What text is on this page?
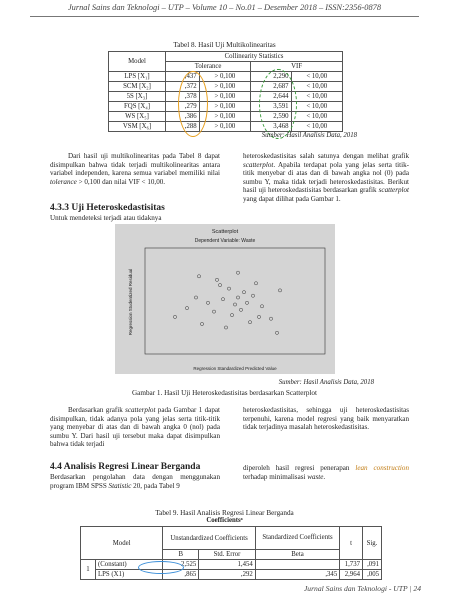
Jurnal Sains dan Teknologi – UTP – Volume 10 – No.01 – Desember 2018 – ISSN:2356-0878
Tabel 8. Hasil Uji Multikolinearitas
Model	Collinearity Statistics			
	Tolerance		VIF	
LPS [X₁]	,437	> 0,100	2,290	< 10,00
SCM [X₂]	,372	> 0,100	2,687	< 10,00
5S [X₃]	,378	> 0,100	2,644	< 10,00
FQS [X₄]	,279	> 0,100	3,591	< 10,00
WS [X₅]	,386	> 0,100	2,590	< 10,00
VSM [X₆]	,288	> 0,100	3,468	< 10,00
Sumber: Hasil Analisis Data, 2018
Dari hasil uji multikolinearitas pada Tabel 8 dapat disimpulkan bahwa tidak terjadi multikolinearitas antara variabel independen, karena semua variabel memiliki nilai tolerance > 0,100 dan nilai VIF < 10,00.
4.3.3 Uji Heteroskedastisitas
Untuk mendeteksi terjadi atau tidaknya
heteroskedastisitas salah satunya dengan melihat grafik scatterplot. Apabila terdapat pola yang jelas serta titik-titik menyebar di atas dan di bawah angka nol (0) pada sumbu Y, maka tidak terjadi heteroskedastisitas. Berikut hasil uji heteroskedastisitas berdasarkan grafik scatterplot yang dapat dilihat pada Gambar 1.
Scatterplot
Dependent Variable: Waste
Regression Studentized Residual
Regression Standardized Predicted Value
Sumber: Hasil Analisis Data, 2018
Gambar 1. Hasil Uji Heteroskedastisitas berdasarkan Scatterplot
Berdasarkan grafik scatterplot pada Gambar 1 dapat disimpulkan, tidak adanya pola yang jelas serta titik-titik yang menyebar di atas dan di bawah angka 0 (nol) pada sumbu Y. Dari hasil uji tersebut maka dapat disimpulkan bahwa tidak terjadi
heteroskedastisitas, sehingga uji heteroskedastisitas terpenuhi, karena model regresi yang baik menyaratkan tidak terjadinya masalah heteroskedastisitas.
4.4 Analisis Regresi Linear Berganda
Berdasarkan pengolahan data dengan menggunakan program IBM SPSS Statistic 20, pada Tabel 9
diperoleh hasil regresi penerapan lean construction terhadap minimalisasi waste.
Tabel 9. Hasil Analisis Regresi Linear Berganda
Coefficientsᵃ
Model		Unstandardized Coefficients		Standardized Coefficients	t	Sig.
		B	Std. Error	Beta		
1	(Constant)	2,525	1,454		1,737	,091
	LPS (X1)	,865	,292	,345	2,964	,005
Jurnal Sains dan Teknologi - UTP | 24
